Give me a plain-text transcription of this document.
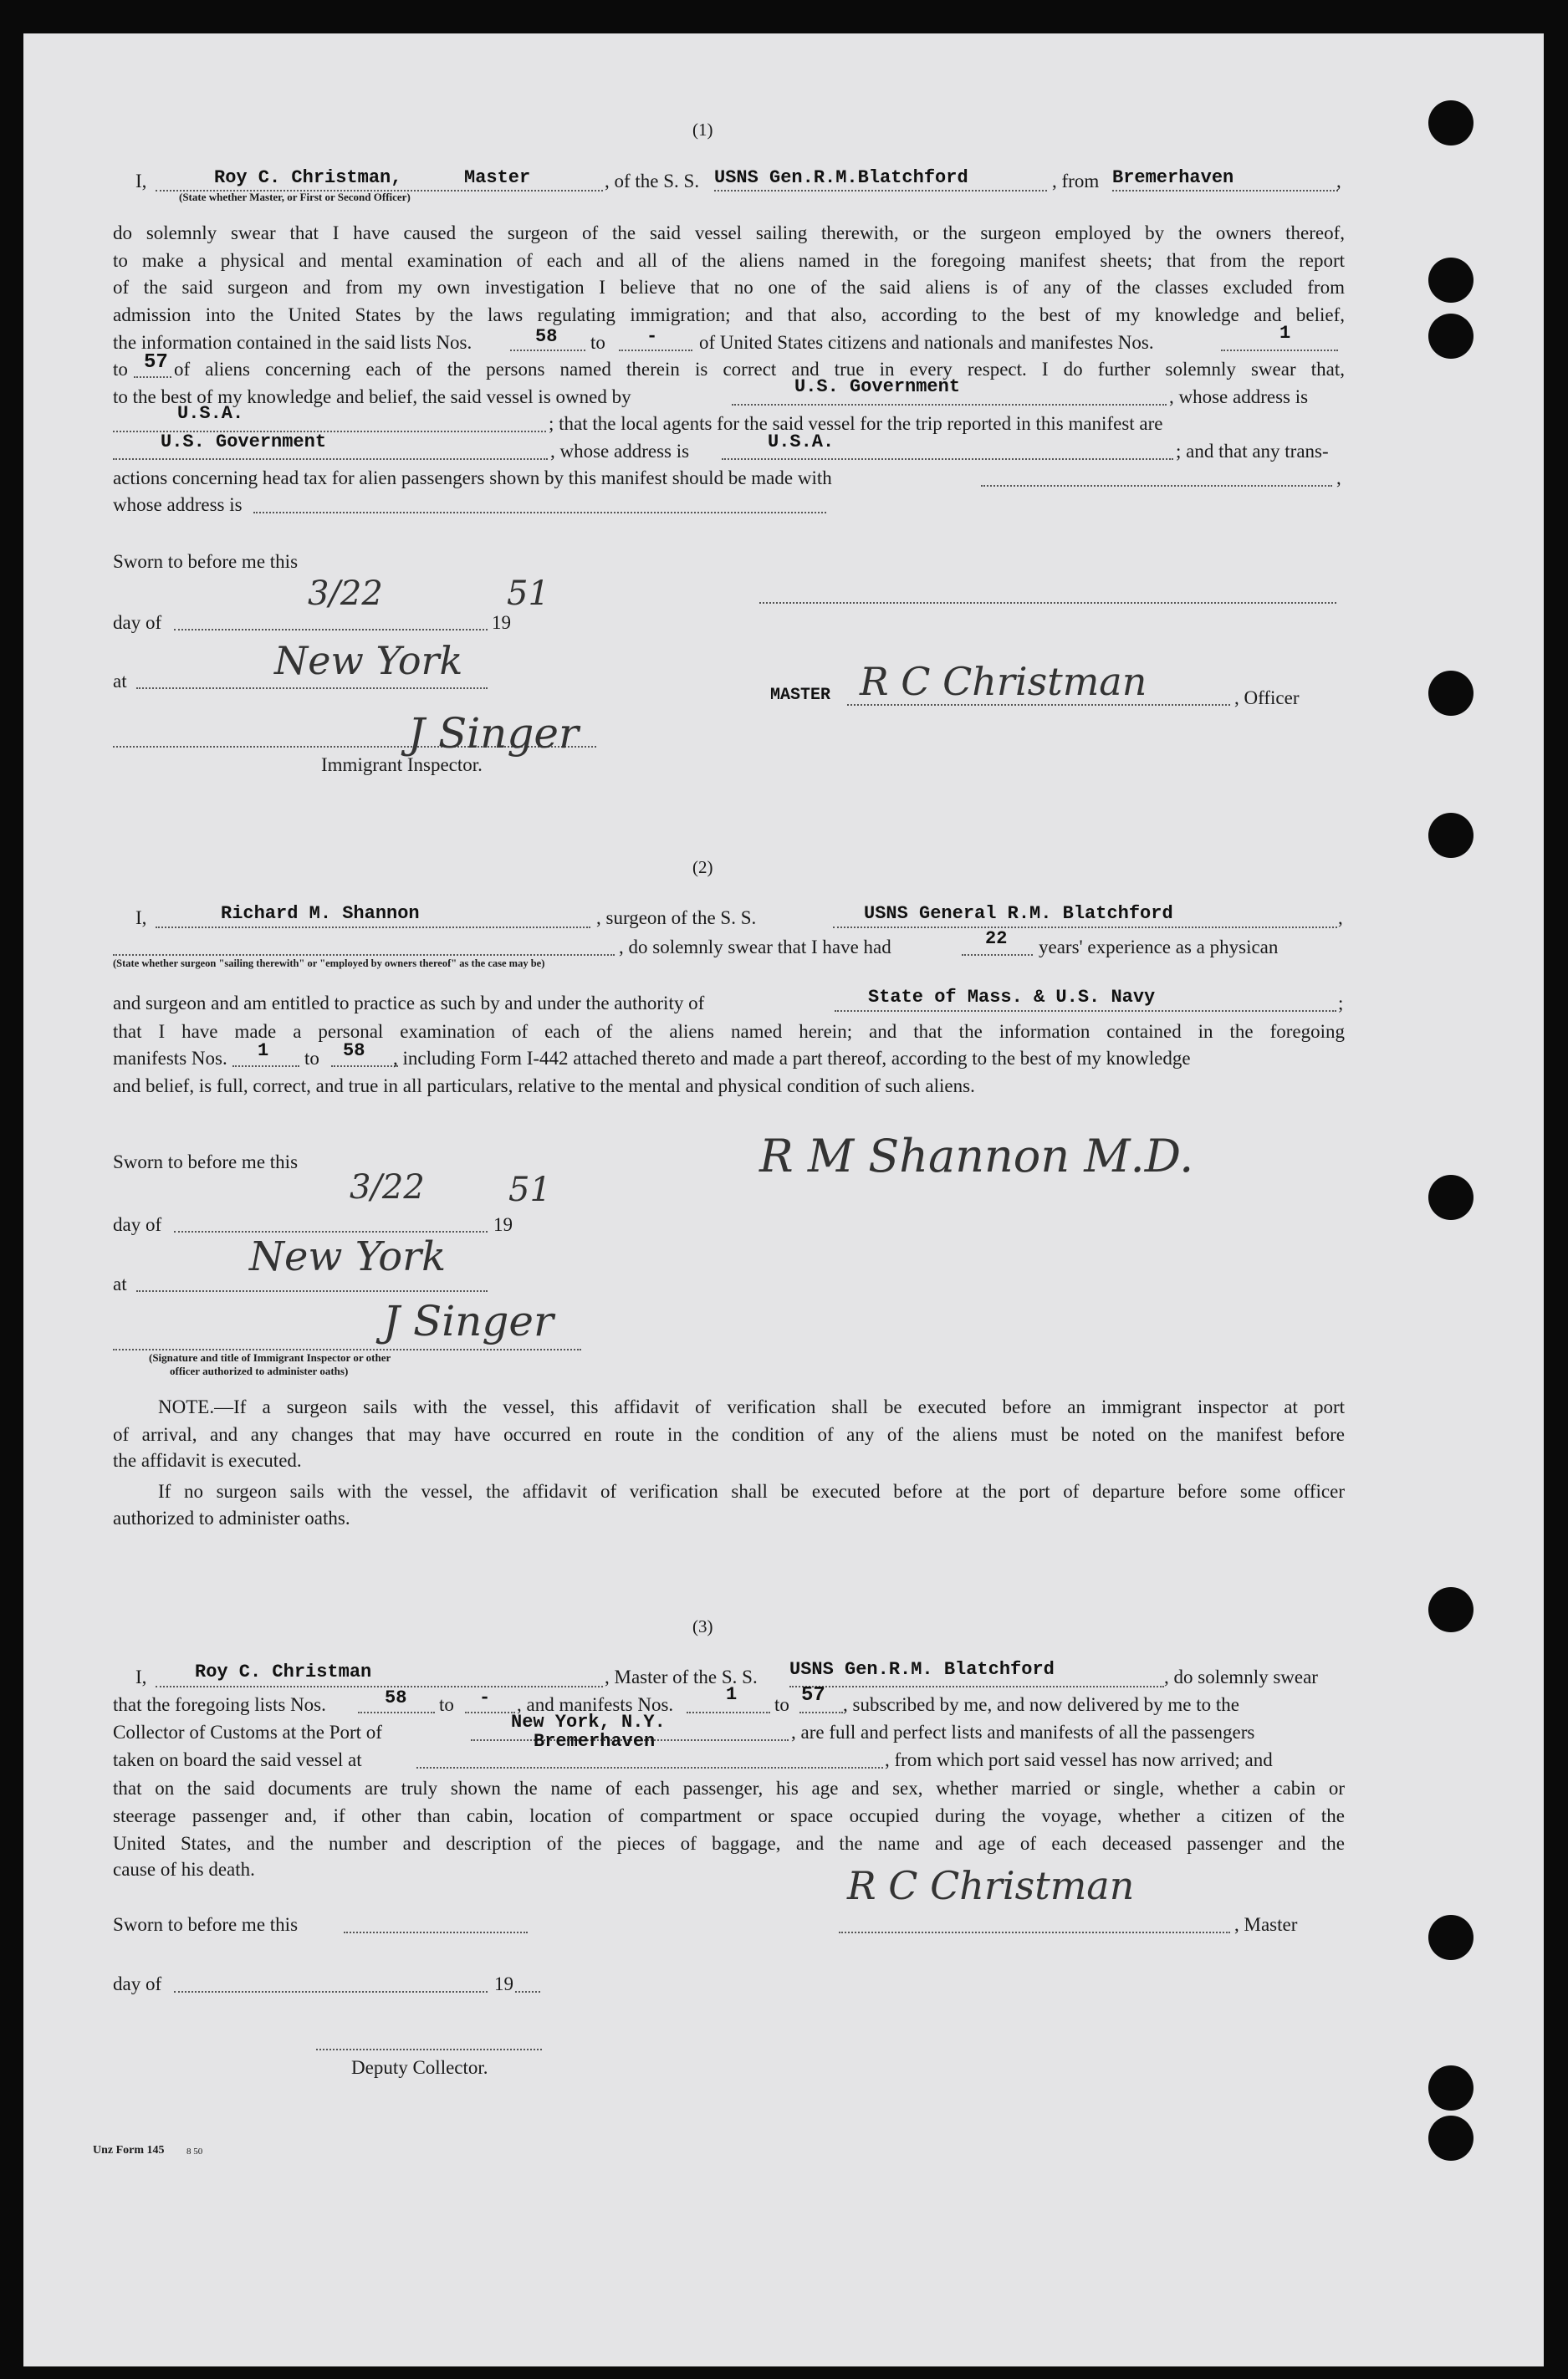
(1)
I,	Roy C. Christman,	Master
(State whether Master, or First or Second Officer)
, of the S. S. USNS Gen.R.M.Blatchford	, from Bremerhaven	,
do solemnly swear that I have caused the surgeon of the said vessel sailing therewith, or the surgeon employed by the owners thereof,
to make a physical and mental examination of each and all of the aliens named in the foregoing manifest sheets; that from the report
of the said surgeon and from my own investigation I believe that no one of the said aliens is of any of the classes excluded from
admission into the United States by the laws regulating immigration; and that also, according to the best of my knowledge and belief,
the information contained in the said lists Nos.	58 to - of United States citizens and nationals and manifestes Nos.	1
to 57 of aliens concerning each of the persons named therein is correct and true in every respect. I do further solemnly swear that,
to the best of my knowledge and belief, the said vessel is owned by	U.S. Government	, whose address is
U.S.A.	; that the local agents for the said vessel for the trip reported in this manifest are
U.S. Government	, whose address is	U.S.A.	; and that any trans-
actions concerning head tax for alien passengers shown by this manifest should be made with	,
whose address is
Sworn to before me this
3/22
day of	19
51
at	New York
J Singer
Immigrant Inspector.
MASTER R C Christman	, Officer
(2)
I,	Richard M. Shannon	, surgeon of the S. S.	USNS General R.M. Blatchford	,
, do solemnly swear that I have had	22 years' experience as a physican
(State whether surgeon "sailing therewith" or "employed by owners thereof" as the case may be)
and surgeon and am entitled to practice as such by and under the authority of	State of Mass. & U.S. Navy	;
that I have made a personal examination of each of the aliens named herein; and that the information contained in the foregoing
manifests Nos. 1 to 58 , including Form I-442 attached thereto and made a part thereof, according to the best of my knowledge
and belief, is full, correct, and true in all particulars, relative to the mental and physical condition of such aliens.
Sworn to before me this
3/22
day of	19
51
R M Shannon M.D.
at
New York
J Singer
(Signature and title of Immigrant Inspector or other
officer authorized to administer oaths)
NOTE.—If a surgeon sails with the vessel, this affidavit of verification shall be executed before an immigrant inspector at port
of arrival, and any changes that may have occurred en route in the condition of any of the aliens must be noted on the manifest before
the affidavit is executed.
If no surgeon sails with the vessel, the affidavit of verification shall be executed before at the port of departure before some officer
authorized to administer oaths.
(3)
I,	Roy C. Christman	, Master of the S. S. USNS Gen.R.M. Blatchford	, do solemnly swear
that the foregoing lists Nos.	58 to - , and manifests Nos.	1 to 57 , subscribed by me, and now delivered by me to the
Collector of Customs at the Port of	New York, N.Y.	, are full and perfect lists and manifests of all the passengers
taken on board the said vessel at
Bremerhaven
, from which port said vessel has now arrived; and
that on the said documents are truly shown the name of each passenger, his age and sex, whether married or single, whether a cabin or
steerage passenger and, if other than cabin, location of compartment or space occupied during the voyage, whether a citizen of the
United States, and the number and description of the pieces of baggage, and the name and age of each deceased passenger and the
cause of his death.
Sworn to before me this
R C Christman
, Master
day of	19
Deputy Collector.
Unz Form 145 8 50
